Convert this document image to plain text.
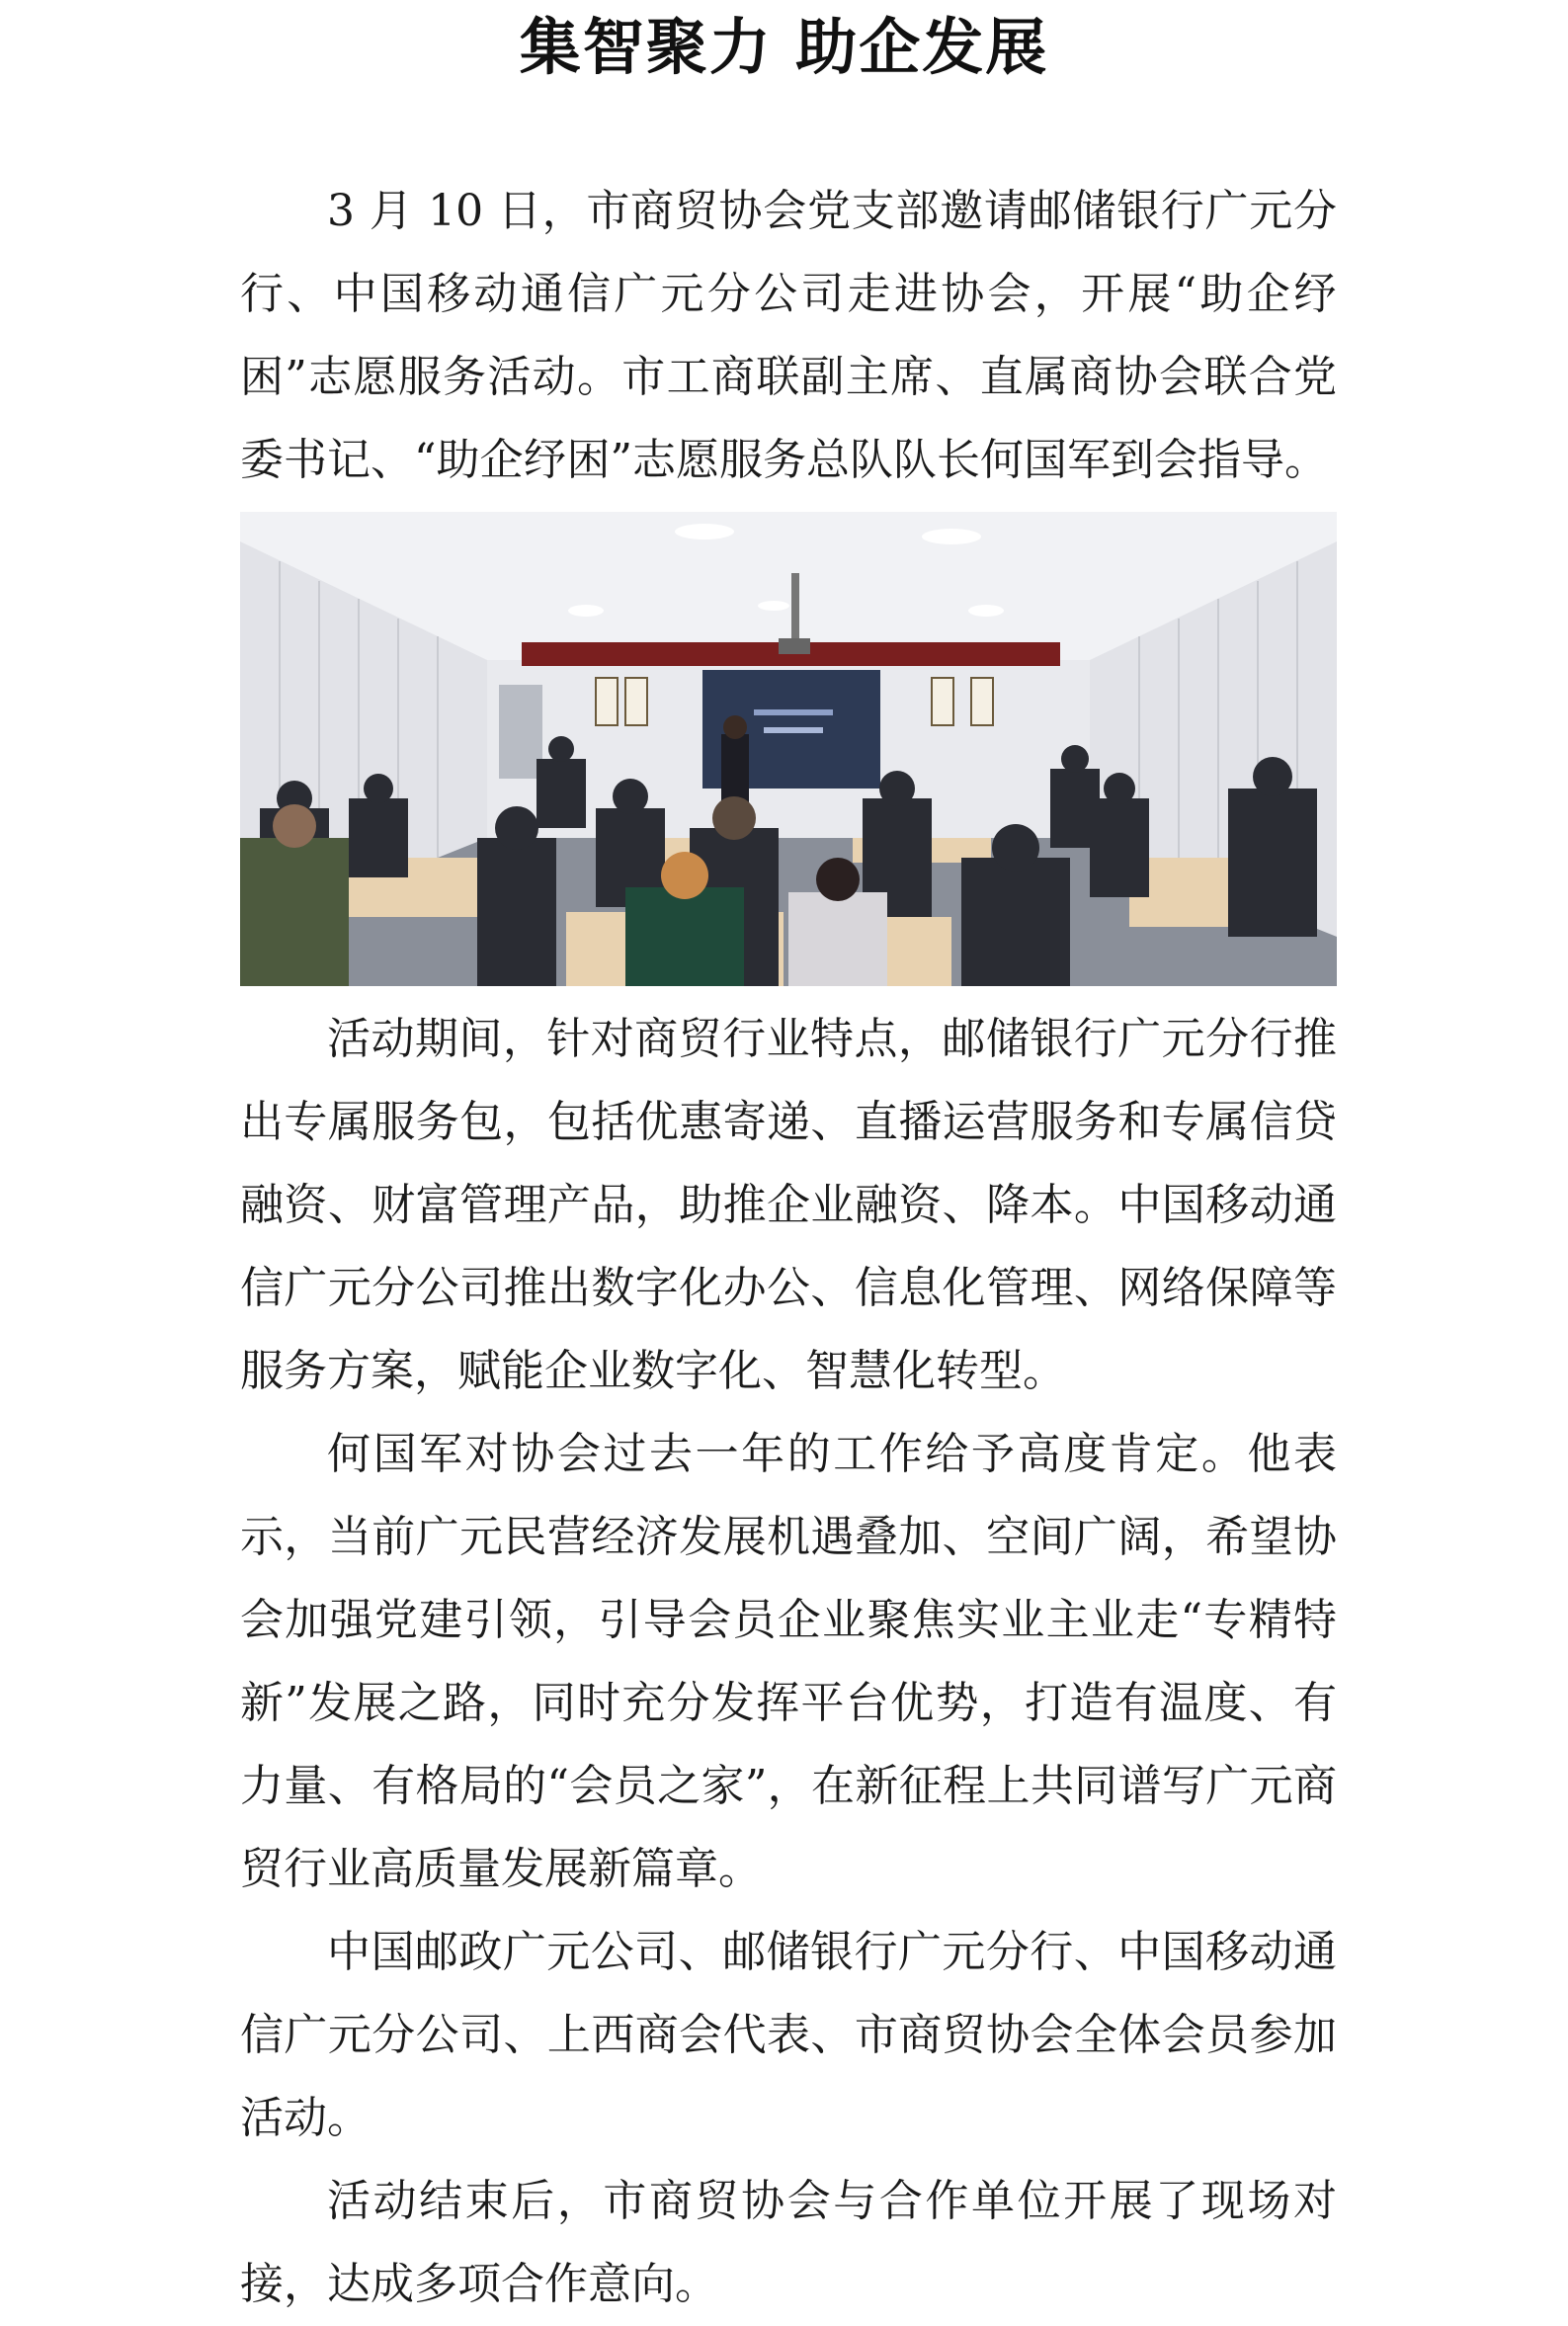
集智聚力 助企发展

3 月 10 日，市商贸协会党支部邀请邮储银行广元分行、中国移动通信广元分公司走进协会，开展“助企纾困”志愿服务活动。市工商联副主席、直属商协会联合党委书记、“助企纾困”志愿服务总队队长何国军到会指导。

活动期间，针对商贸行业特点，邮储银行广元分行推出专属服务包，包括优惠寄递、直播运营服务和专属信贷融资、财富管理产品，助推企业融资、降本。中国移动通信广元分公司推出数字化办公、信息化管理、网络保障等服务方案，赋能企业数字化、智慧化转型。

何国军对协会过去一年的工作给予高度肯定。他表示，当前广元民营经济发展机遇叠加、空间广阔，希望协会加强党建引领，引导会员企业聚焦实业主业走“专精特新”发展之路，同时充分发挥平台优势，打造有温度、有力量、有格局的“会员之家”，在新征程上共同谱写广元商贸行业高质量发展新篇章。

中国邮政广元公司、邮储银行广元分行、中国移动通信广元分公司、上西商会代表、市商贸协会全体会员参加活动。

活动结束后，市商贸协会与合作单位开展了现场对接，达成多项合作意向。
